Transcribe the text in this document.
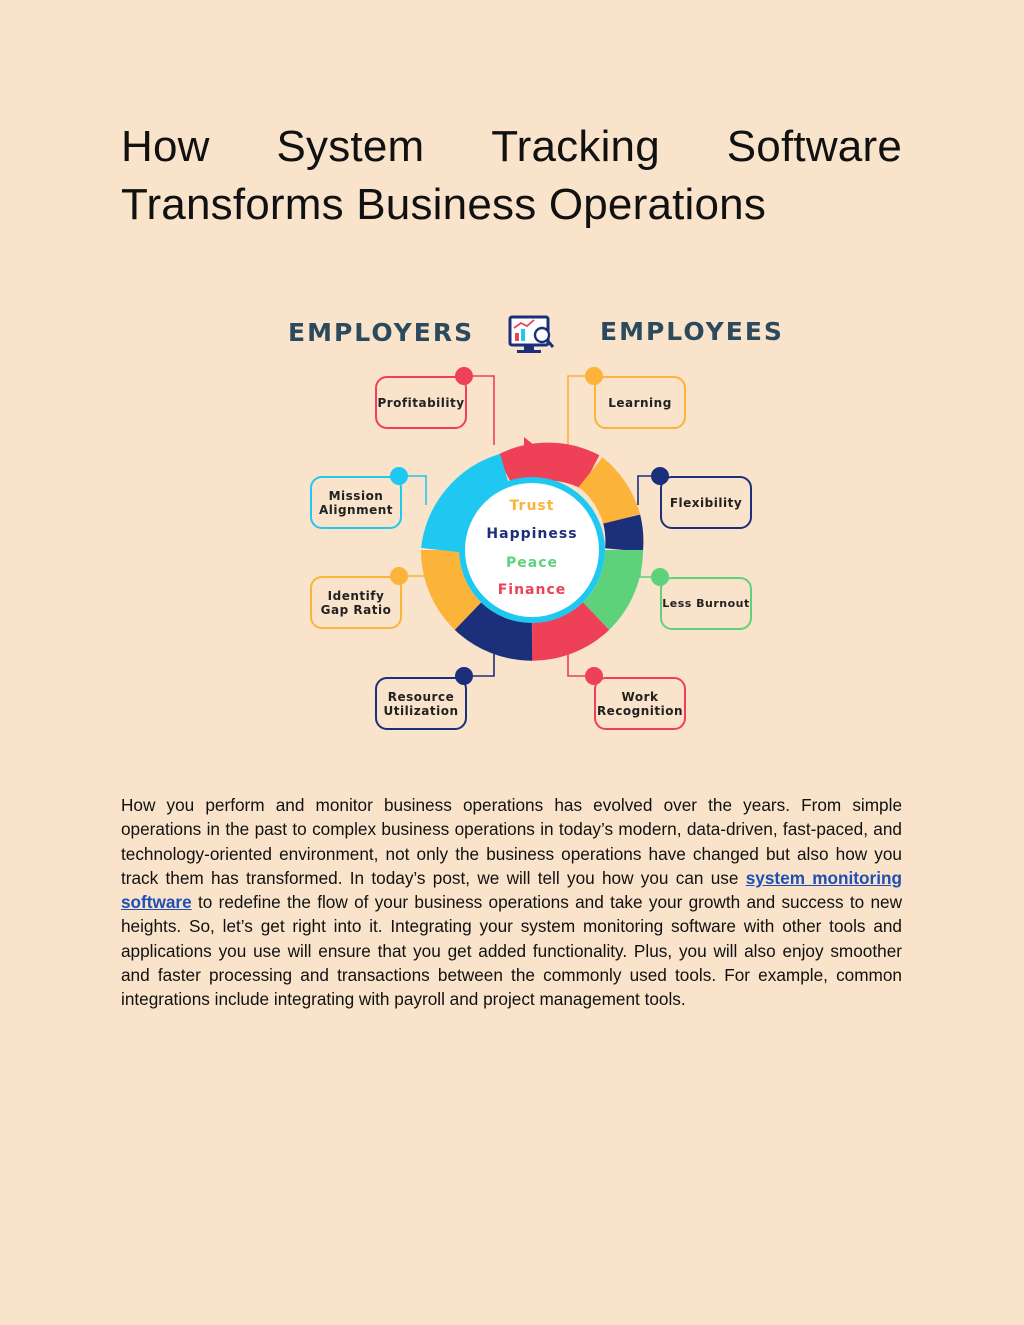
How System Tracking Software
Transforms Business Operations
EMPLOYERS	EMPLOYEES
Profitability
Mission
Alignment
Identify
Gap Ratio
Resource
Utilization
Learning
Flexibility
Less Burnout
Work
Recognition
Trust
Happiness
Peace
Finance

How you perform and monitor business operations has evolved over the years. From simple operations in the past to complex business operations in today’s modern, data-driven, fast-paced, and technology-oriented environment, not only the business operations have changed but also how you track them has transformed. In today’s post, we will tell you how you can use system monitoring software to redefine the flow of your business operations and take your growth and success to new heights. So, let’s get right into it. Integrating your system monitoring software with other tools and applications you use will ensure that you get added functionality. Plus, you will also enjoy smoother and faster processing and transactions between the commonly used tools. For example, common integrations include integrating with payroll and project management tools.
